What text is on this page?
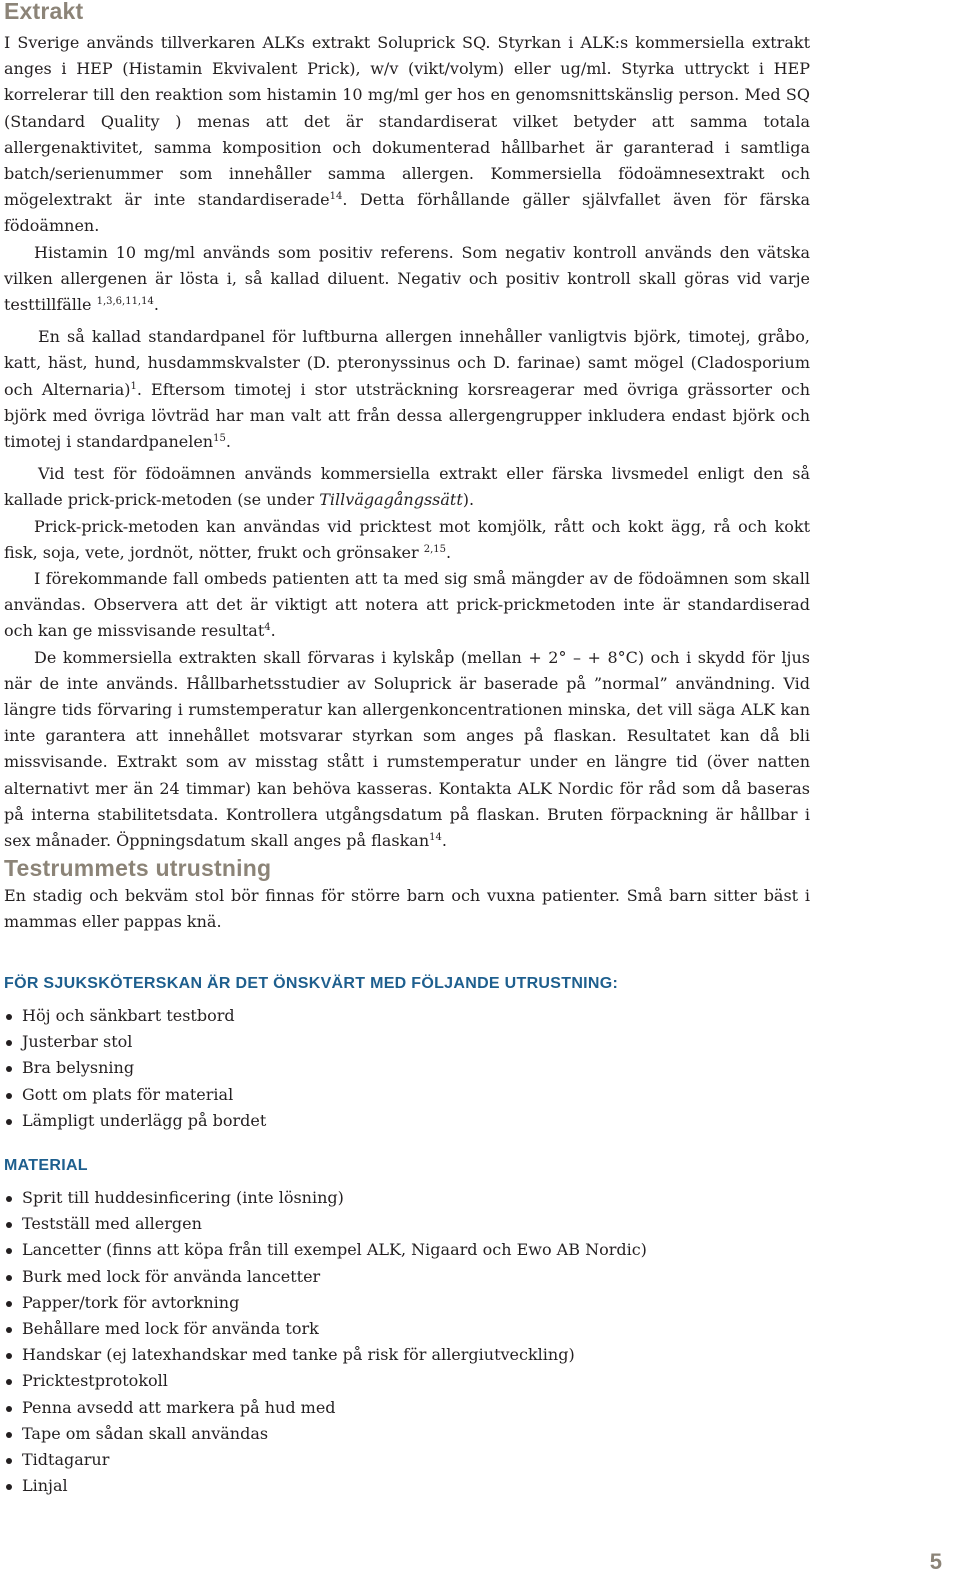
Extrakt

I Sverige används tillverkaren ALKs extrakt Soluprick SQ. Styrkan i ALK:s kommersiella extrakt anges i HEP (Histamin Ekvivalent Prick), w/v (vikt/volym) eller ug/ml. Styrka uttryckt i HEP korrelerar till den reaktion som histamin 10 mg/ml ger hos en genomsnittskänslig person. Med SQ (Standard Quality ) menas att det är standardiserat vilket betyder att samma totala allergenaktivitet, samma komposition och dokumenterad hållbarhet är garanterad i samtliga batch/serienummer som innehåller samma allergen. Kommersiella födoämnesextrakt och mögelextrakt är inte standardiserade$^{14}$. Detta förhållande gäller självfallet även för färska födoämnen.

Histamin 10 mg/ml används som positiv referens. Som negativ kontroll används den vätska vilken allergenen är lösta i, så kallad diluent. Negativ och positiv kontroll skall göras vid varje testtillfälle $^{1,3,6,11,14}$.

En så kallad standardpanel för luftburna allergen innehåller vanligtvis björk, timotej, gråbo, katt, häst, hund, husdammskvalster (D. pteronyssinus och D. farinae) samt mögel (Cladosporium och Alternaria)$^1$. Eftersom timotej i stor utsträckning korsreagerar med övriga grässorter och björk med övriga lövträd har man valt att från dessa allergengrupper inkludera endast björk och timotej i standardpanelen$^{15}$.

Vid test för födoämnen används kommersiella extrakt eller färska livsmedel enligt den så kallade prick-prick-metoden (se under Tillvägagångssätt).

Prick-prick-metoden kan användas vid pricktest mot komjölk, rått och kokt ägg, rå och kokt fisk, soja, vete, jordnöt, nötter, frukt och grönsaker $^{2,15}$.

I förekommande fall ombeds patienten att ta med sig små mängder av de födoämnen som skall användas. Observera att det är viktigt att notera att prick-prickmetoden inte är standardiserad och kan ge missvisande resultat$^4$.

De kommersiella extrakten skall förvaras i kylskåp (mellan + 2° – + 8°C) och i skydd för ljus när de inte används. Hållbarhetsstudier av Soluprick är baserade på ”normal” användning. Vid längre tids förvaring i rumstemperatur kan allergenkoncentrationen minska, det vill säga ALK kan inte garantera att innehållet motsvarar styrkan som anges på flaskan. Resultatet kan då bli missvisande. Extrakt som av misstag stått i rumstemperatur under en längre tid (över natten alternativt mer än 24 timmar) kan behöva kasseras. Kontakta ALK Nordic för råd som då baseras på interna stabilitetsdata. Kontrollera utgångsdatum på flaskan. Bruten förpackning är hållbar i sex månader. Öppningsdatum skall anges på flaskan$^{14}$.

Testrummets utrustning

En stadig och bekväm stol bör finnas för större barn och vuxna patienter. Små barn sitter bäst i mammas eller pappas knä.

FÖR SJUKSKÖTERSKAN ÄR DET ÖNSKVÄRT MED FÖLJANDE UTRUSTNING:
Höj och sänkbart testbord
Justerbar stol
Bra belysning
Gott om plats för material
Lämpligt underlägg på bordet
MATERIAL
Sprit till huddesinficering (inte lösning)
Testställ med allergen
Lancetter (finns att köpa från till exempel ALK, Nigaard och Ewo AB Nordic)
Burk med lock för använda lancetter
Papper/tork för avtorkning
Behållare med lock för använda tork
Handskar (ej latexhandskar med tanke på risk för allergiutveckling)
Pricktestprotokoll
Penna avsedd att markera på hud med
Tape om sådan skall användas
Tidtagarur
Linjal
5
